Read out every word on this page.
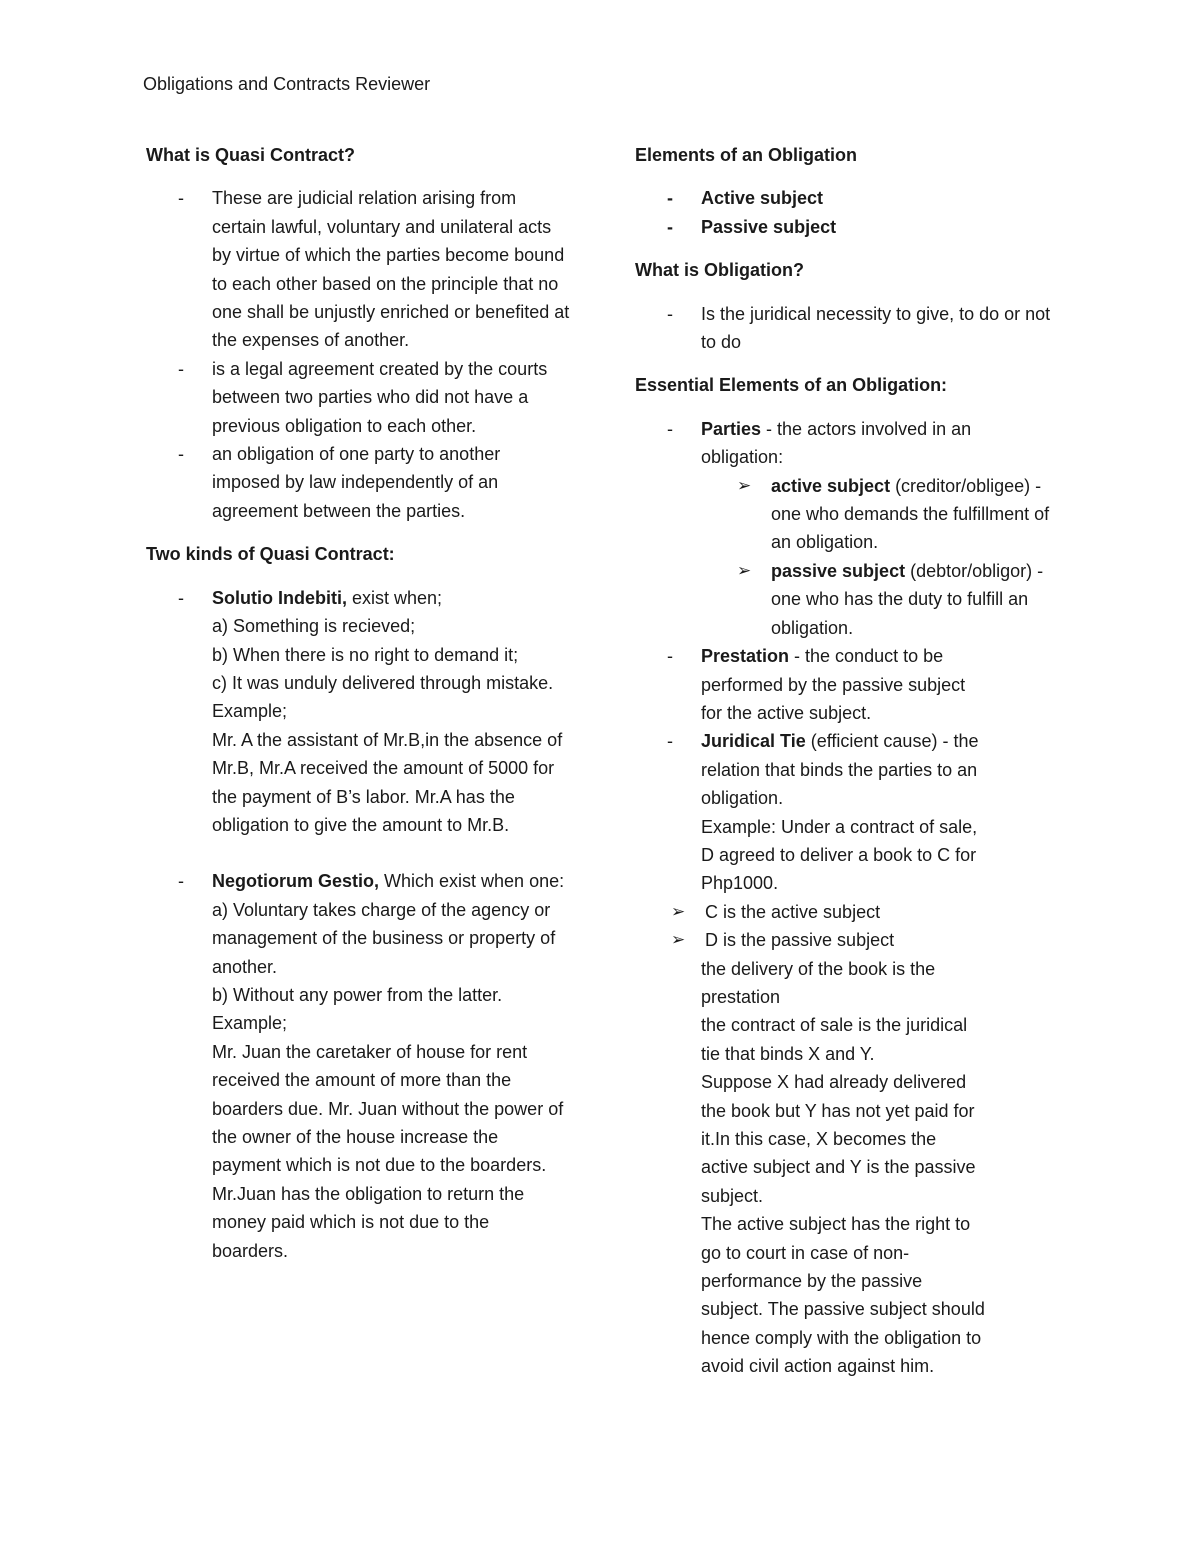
Obligations and Contracts Reviewer
What is Quasi Contract?
- These are judicial relation arising from certain lawful, voluntary and unilateral acts by virtue of which the parties become bound to each other based on the principle that no one shall be unjustly enriched or benefited at the expenses of another.
- is a legal agreement created by the courts between two parties who did not have a previous obligation to each other.
- an obligation of one party to another imposed by law independently of an agreement between the parties.
Two kinds of Quasi Contract:
- Solutio Indebiti, exist when;
a) Something is recieved;
b) When there is no right to demand it;
c) It was unduly delivered through mistake.
Example;
Mr. A the assistant of Mr.B,in the absence of Mr.B, Mr.A received the amount of 5000 for the payment of B’s labor. Mr.A has the obligation to give the amount to Mr.B.
- Negotiorum Gestio, Which exist when one:
a) Voluntary takes charge of the agency or management of the business or property of another.
b) Without any power from the latter.
Example;
Mr. Juan the caretaker of house for rent received the amount of more than the boarders due. Mr. Juan without the power of the owner of the house increase the payment which is not due to the boarders. Mr.Juan has the obligation to return the money paid which is not due to the boarders.
Elements of an Obligation
- Active subject
- Passive subject
What is Obligation?
- Is the juridical necessity to give, to do or not to do
Essential Elements of an Obligation:
- Parties - the actors involved in an obligation:
➢ active subject (creditor/obligee) - one who demands the fulfillment of an obligation.
➢ passive subject (debtor/obligor) - one who has the duty to fulfill an obligation.
- Prestation - the conduct to be performed by the passive subject for the active subject.
- Juridical Tie (efficient cause) - the relation that binds the parties to an obligation.
Example: Under a contract of sale, D agreed to deliver a book to C for Php1000.
➢ C is the active subject
➢ D is the passive subject
the delivery of the book is the prestation
the contract of sale is the juridical tie that binds X and Y.
Suppose X had already delivered the book but Y has not yet paid for it.In this case, X becomes the active subject and Y is the passive subject.
The active subject has the right to go to court in case of non-performance by the passive subject. The passive subject should hence comply with the obligation to avoid civil action against him.
